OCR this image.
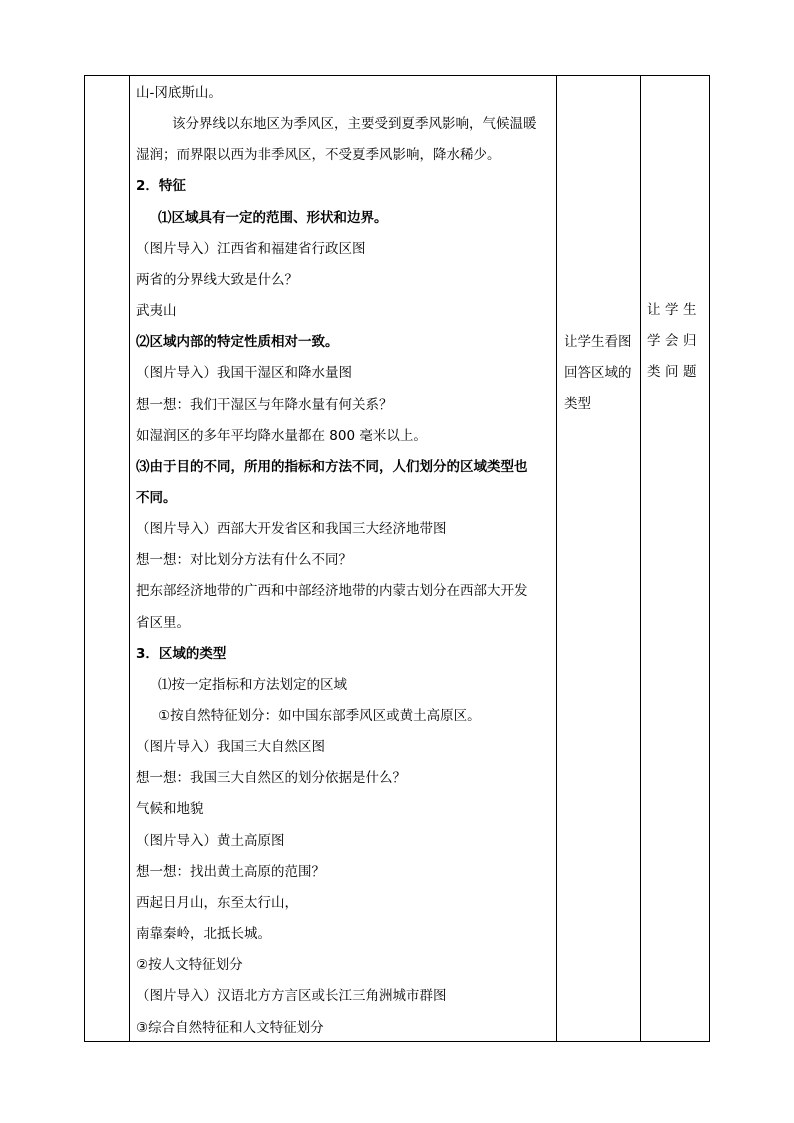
山-冈底斯山。
该分界线以东地区为季风区，主要受到夏季风影响，气候温暖
湿润；而界限以西为非季风区，不受夏季风影响，降水稀少。
2．特征
⑴区域具有一定的范围、形状和边界。
（图片导入）江西省和福建省行政区图
两省的分界线大致是什么？
武夷山
⑵区域内部的特定性质相对一致。
（图片导入）我国干湿区和降水量图
想一想：我们干湿区与年降水量有何关系？
如湿润区的多年平均降水量都在 800 毫米以上。
⑶由于目的不同，所用的指标和方法不同，人们划分的区域类型也
不同。
（图片导入）西部大开发省区和我国三大经济地带图
想一想：对比划分方法有什么不同？
把东部经济地带的广西和中部经济地带的内蒙古划分在西部大开发
省区里。
3．区域的类型
⑴按一定指标和方法划定的区域
①按自然特征划分：如中国东部季风区或黄土高原区。
（图片导入）我国三大自然区图
想一想：我国三大自然区的划分依据是什么？
气候和地貌
（图片导入）黄土高原图
想一想：找出黄土高原的范围？
西起日月山，东至太行山，
南靠秦岭，北抵长城。
②按人文特征划分
（图片导入）汉语北方方言区或长江三角洲城市群图
③综合自然特征和人文特征划分
让学生看图
回答区域的
类型
让学生
学会归
类问题
